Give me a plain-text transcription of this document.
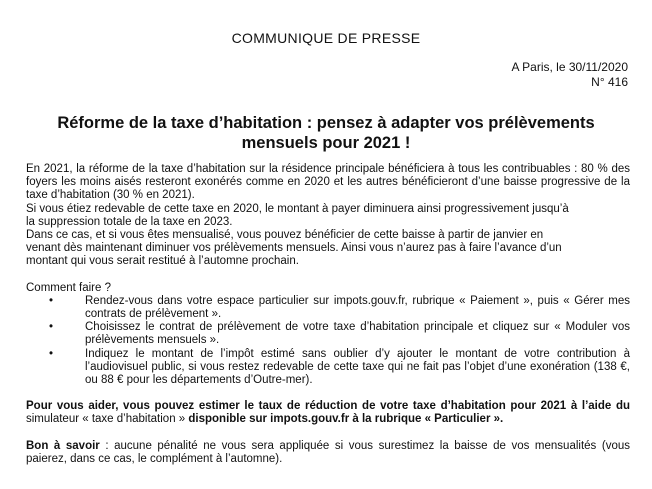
COMMUNIQUE DE PRESSE
A Paris, le 30/11/2020
N° 416
Réforme de la taxe d’habitation : pensez à adapter vos prélèvements
mensuels pour 2021 !

En 2021, la réforme de la taxe d’habitation sur la résidence principale bénéficiera à tous les contribuables : 80 % des foyers les moins aisés resteront exonérés comme en 2020 et les autres bénéficieront d’une baisse progressive de la taxe d’habitation (30 % en 2021).

Si vous étiez redevable de cette taxe en 2020, le montant à payer diminuera ainsi progressivement jusqu’à

la suppression totale de la taxe en 2023.

Dans ce cas, et si vous êtes mensualisé, vous pouvez bénéficier de cette baisse à partir de janvier en

venant dès maintenant diminuer vos prélèvements mensuels. Ainsi vous n’aurez pas à faire l’avance d’un

montant qui vous serait restitué à l’automne prochain.

Comment faire ?

• Rendez-vous dans votre espace particulier sur impots.gouv.fr, rubrique « Paiement », puis « Gérer mes contrats de prélèvement ».
• Choisissez le contrat de prélèvement de votre taxe d’habitation principale et cliquez sur « Moduler vos prélèvements mensuels ».
• Indiquez le montant de l’impôt estimé sans oublier d’y ajouter le montant de votre contribution à l’audiovisuel public, si vous restez redevable de cette taxe qui ne fait pas l’objet d’une exonération (138 €, ou 88 € pour les départements d’Outre-mer).

Pour vous aider, vous pouvez estimer le taux de réduction de votre taxe d’habitation pour 2021 à l’aide du simulateur « taxe d’habitation » disponible sur impots.gouv.fr à la rubrique « Particulier ».

Bon à savoir : aucune pénalité ne vous sera appliquée si vous surestimez la baisse de vos mensualités (vous paierez, dans ce cas, le complément à l’automne).
